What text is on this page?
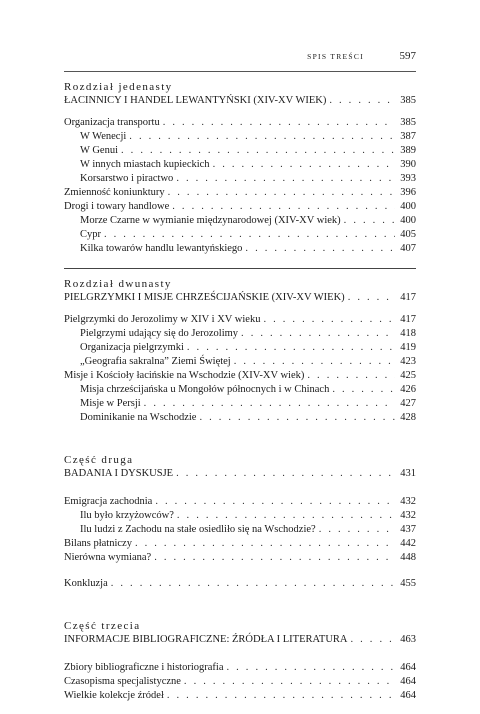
SPIS TREŚCI	597
Rozdział jedenasty
ŁACINNICY I HANDEL LEWANTYŃSKI (XIV-XV WIEK) . . .	385
Organizacja transportu . . .	385
W Wenecji . . .	387
W Genui . . .	389
W innych miastach kupieckich . . .	390
Korsarstwo i piractwo . . .	393
Zmienność koniunktury . . .	396
Drogi i towary handlowe . . .	400
Morze Czarne w wymianie międzynarodowej (XIV-XV wiek) . . .	400
Cypr . . .	405
Kilka towarów handlu lewantyńskiego . . .	407
Rozdział dwunasty
PIELGRZYMKI I MISJE CHRZEŚCIJAŃSKIE (XIV-XV WIEK) . . .	417
Pielgrzymki do Jerozolimy w XIV i XV wieku . . .	417
Pielgrzymi udający się do Jerozolimy . . .	418
Organizacja pielgrzymki . . .	419
„Geografia sakralna” Ziemi Świętej . . .	423
Misje i Kościoły łacińskie na Wschodzie (XIV-XV wiek) . . .	425
Misja chrześcijańska u Mongołów północnych i w Chinach . . .	426
Misje w Persji . . .	427
Dominikanie na Wschodzie . . .	428
Część druga
BADANIA I DYSKUSJE . . .	431
Emigracja zachodnia . . .	432
Ilu było krzyżowców? . . .	432
Ilu ludzi z Zachodu na stałe osiedliło się na Wschodzie? . . .	437
Bilans płatniczy . . .	442
Nierówna wymiana? . . .	448
Konkluzja . . .	455
Część trzecia
INFORMACJE BIBLIOGRAFICZNE: ŹRÓDŁA I LITERATURA . . .	463
Zbiory bibliograficzne i historiografia . . .	464
Czasopisma specjalistyczne . . .	464
Wielkie kolekcje źródeł . . .	464
